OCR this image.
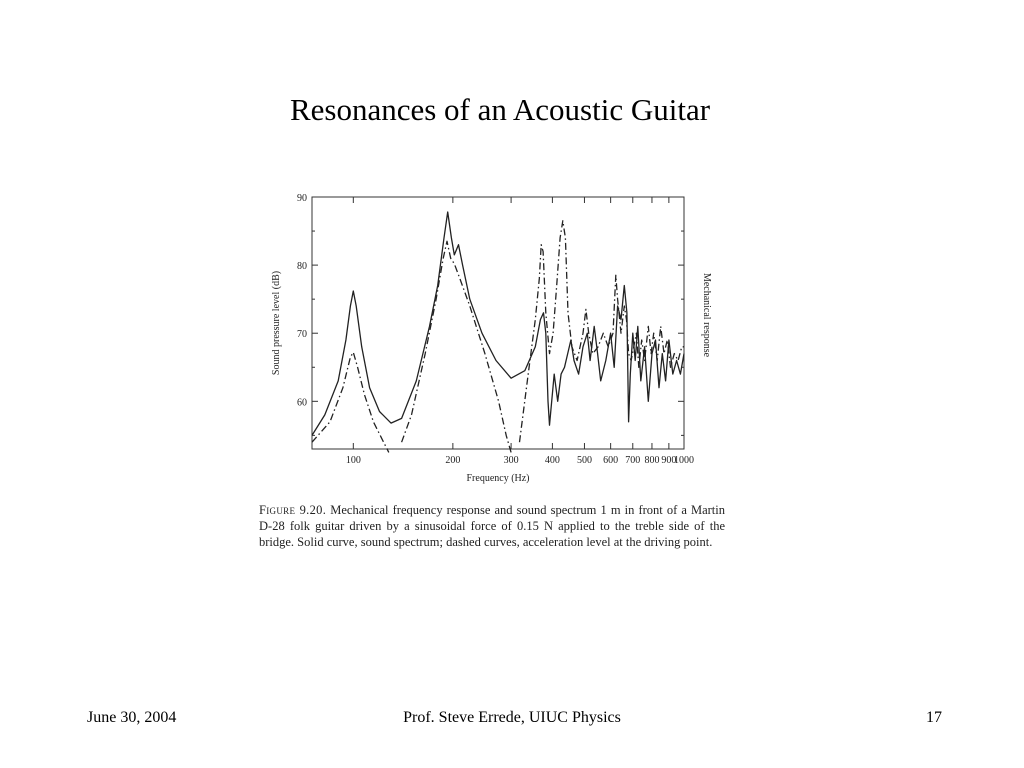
Resonances of an Acoustic Guitar
60
70
80
90
100	200	300	400 500 600 700 800 900
1000
Frequency (Hz)
Sound pressure level (dB)	Mechanical response
Figure 9.20. Mechanical frequency response and sound spectrum 1 m in front of a Martin D-28 folk guitar driven by a sinusoidal force of 0.15 N applied to the treble side of the bridge. Solid curve, sound spectrum; dashed curves, acceleration level at the driving point.
June 30, 2004	Prof. Steve Errede, UIUC Physics	17
